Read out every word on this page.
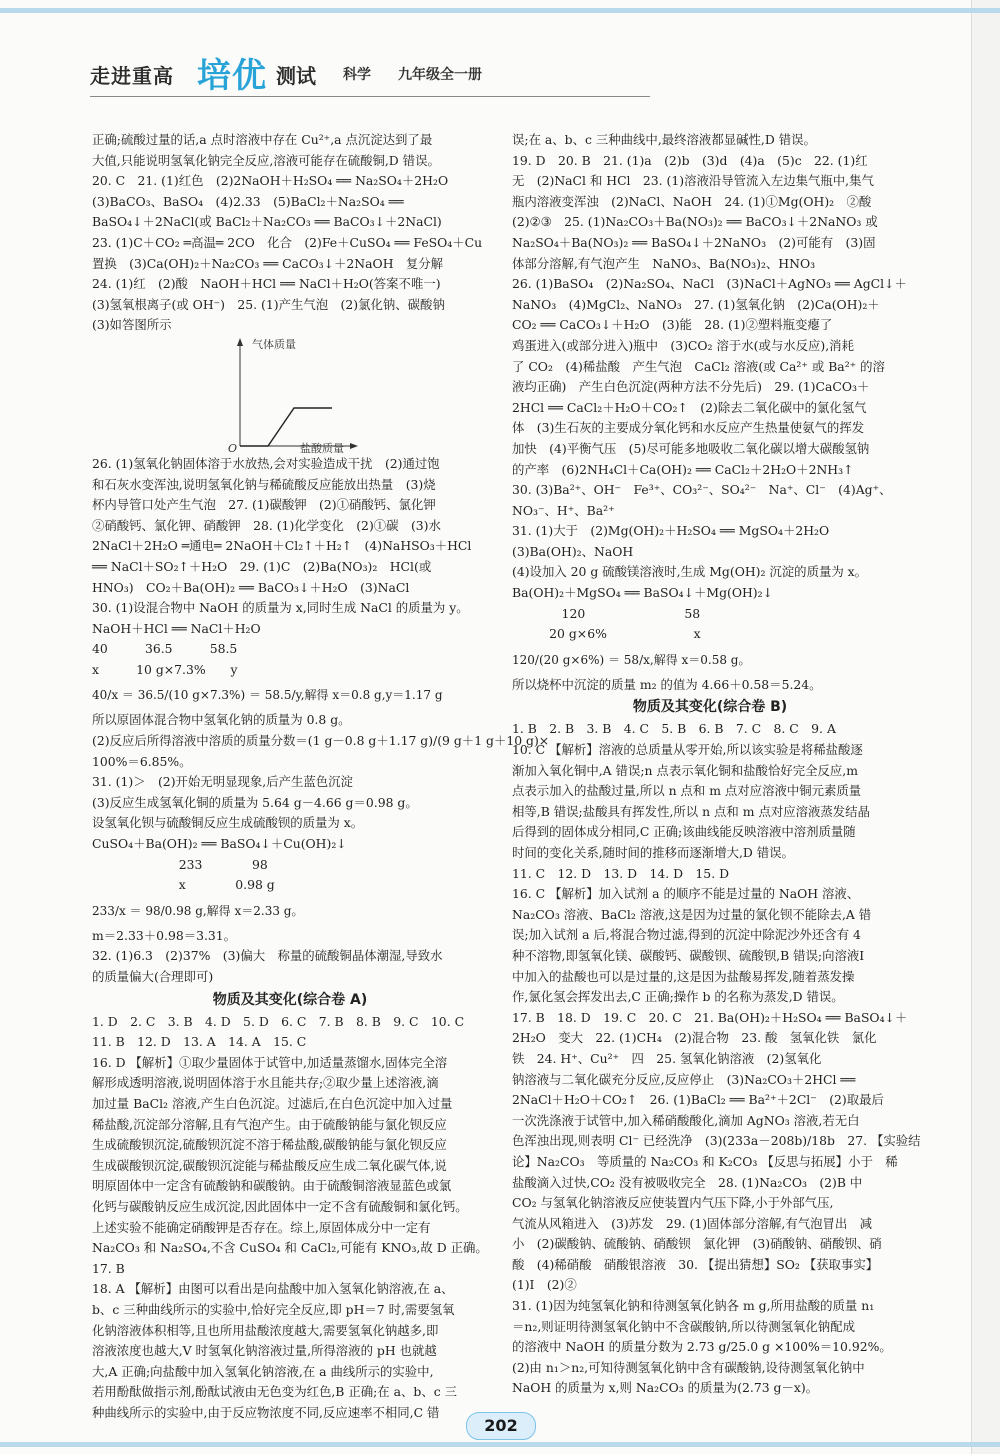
走进重高 培优 测试 科学 九年级全一册
正确;硫酸过量的话,a 点时溶液中存在 Cu²⁺,a 点沉淀达到了最
大值,只能说明氢氧化钠完全反应,溶液可能存在硫酸铜,D 错误。
20. C　21. (1)红色　(2)2NaOH＋H₂SO₄ ══ Na₂SO₄＋2H₂O
(3)BaCO₃、BaSO₄　(4)2.33　(5)BaCl₂＋Na₂SO₄ ══
BaSO₄↓＋2NaCl(或 BaCl₂＋Na₂CO₃ ══ BaCO₃↓＋2NaCl)
23. (1)C＋CO₂ ═高温═ 2CO　化合　(2)Fe＋CuSO₄ ══ FeSO₄＋Cu
置换　(3)Ca(OH)₂＋Na₂CO₃ ══ CaCO₃↓＋2NaOH　复分解
24. (1)红　(2)酸　NaOH＋HCl ══ NaCl＋H₂O(答案不唯一)
(3)氢氧根离子(或 OH⁻)　25. (1)产生气泡　(2)氯化钠、碳酸钠
(3)如答图所示
气体质量
O	盐酸质量
26. (1)氢氧化钠固体溶于水放热,会对实验造成干扰　(2)通过饱
和石灰水变浑浊,说明氢氧化钠与稀硫酸反应能放出热量　(3)烧
杯内导管口处产生气泡　27. (1)碳酸钾　(2)①硝酸钙、氯化钾
②硝酸钙、氯化钾、硝酸钾　28. (1)化学变化　(2)①碳　(3)水
2NaCl＋2H₂O ═通电═ 2NaOH＋Cl₂↑＋H₂↑　(4)NaHSO₃＋HCl
══ NaCl＋SO₂↑＋H₂O　29. (1)C　(2)Ba(NO₃)₂　HCl(或
HNO₃)　CO₂＋Ba(OH)₂ ══ BaCO₃↓＋H₂O　(3)NaCl
30. (1)设混合物中 NaOH 的质量为 x,同时生成 NaCl 的质量为 y。
NaOH＋HCl ══ NaCl＋H₂O
40　　　36.5　　　58.5
x　　　10 g×7.3%　　y
40/x ＝ 36.5/(10 g×7.3%) ＝ 58.5/y,解得 x＝0.8 g,y＝1.17 g
所以原固体混合物中氢氧化钠的质量为 0.8 g。
(2)反应后所得溶液中溶质的质量分数＝(1 g－0.8 g＋1.17 g)/(9 g＋1 g＋10 g)×
100%＝6.85%。
31. (1)＞　(2)开始无明显现象,后产生蓝色沉淀
(3)反应生成氢氧化铜的质量为 5.64 g－4.66 g＝0.98 g。
设氢氧化钡与硫酸铜反应生成硫酸钡的质量为 x。
CuSO₄＋Ba(OH)₂ ══ BaSO₄↓＋Cu(OH)₂↓
　　　　　　　233　　　　98
　　　　　　　x　　　　0.98 g
233/x ＝ 98/0.98 g,解得 x＝2.33 g。
m＝2.33＋0.98＝3.31。
32. (1)6.3　(2)37%　(3)偏大　称量的硫酸铜晶体潮湿,导致水
的质量偏大(合理即可)
物质及其变化(综合卷 A)
1. D　2. C　3. B　4. D　5. D　6. C　7. B　8. B　9. C　10. C
11. B　12. D　13. A　14. A　15. C
16. D 【解析】①取少量固体于试管中,加适量蒸馏水,固体完全溶
解形成透明溶液,说明固体溶于水且能共存;②取少量上述溶液,滴
加过量 BaCl₂ 溶液,产生白色沉淀。过滤后,在白色沉淀中加入过量
稀盐酸,沉淀部分溶解,且有气泡产生。由于硫酸钠能与氯化钡反应
生成硫酸钡沉淀,硫酸钡沉淀不溶于稀盐酸,碳酸钠能与氯化钡反应
生成碳酸钡沉淀,碳酸钡沉淀能与稀盐酸反应生成二氧化碳气体,说
明原固体中一定含有硫酸钠和碳酸钠。由于硫酸铜溶液显蓝色或氯
化钙与碳酸钠反应生成沉淀,因此固体中一定不含有硫酸铜和氯化钙。
上述实验不能确定硝酸钾是否存在。综上,原固体成分中一定有
Na₂CO₃ 和 Na₂SO₄,不含 CuSO₄ 和 CaCl₂,可能有 KNO₃,故 D 正确。
17. B
18. A 【解析】由图可以看出是向盐酸中加入氢氧化钠溶液,在 a、
b、c 三种曲线所示的实验中,恰好完全反应,即 pH＝7 时,需要氢氧
化钠溶液体积相等,且也所用盐酸浓度越大,需要氢氧化钠越多,即
溶液浓度也越大,V 时氢氧化钠溶液过量,所得溶液的 pH 也就越
大,A 正确;向盐酸中加入氢氧化钠溶液,在 a 曲线所示的实验中,
若用酚酞做指示剂,酚酞试液由无色变为红色,B 正确;在 a、b、c 三
种曲线所示的实验中,由于反应物浓度不同,反应速率不相同,C 错
误;在 a、b、c 三种曲线中,最终溶液都显碱性,D 错误。
19. D　20. B　21. (1)a　(2)b　(3)d　(4)a　(5)c　22. (1)红
无　(2)NaCl 和 HCl　23. (1)溶液沿导管流入左边集气瓶中,集气
瓶内溶液变浑浊　(2)NaCl、NaOH　24. (1)①Mg(OH)₂　②酸
(2)②③　25. (1)Na₂CO₃＋Ba(NO₃)₂ ══ BaCO₃↓＋2NaNO₃ 或
Na₂SO₄＋Ba(NO₃)₂ ══ BaSO₄↓＋2NaNO₃　(2)可能有　(3)固
体部分溶解,有气泡产生　NaNO₃、Ba(NO₃)₂、HNO₃
26. (1)BaSO₄　(2)Na₂SO₄、NaCl　(3)NaCl＋AgNO₃ ══ AgCl↓＋
NaNO₃　(4)MgCl₂、NaNO₃　27. (1)氢氧化钠　(2)Ca(OH)₂＋
CO₂ ══ CaCO₃↓＋H₂O　(3)能　28. (1)②塑料瓶变瘪了
鸡蛋进入(或部分进入)瓶中　(3)CO₂ 溶于水(或与水反应),消耗
了 CO₂　(4)稀盐酸　产生气泡　CaCl₂ 溶液(或 Ca²⁺ 或 Ba²⁺ 的溶
液均正确)　产生白色沉淀(两种方法不分先后)　29. (1)CaCO₃＋
2HCl ══ CaCl₂＋H₂O＋CO₂↑　(2)除去二氧化碳中的氯化氢气
体　(3)生石灰的主要成分氧化钙和水反应产生热量使氨气的挥发
加快　(4)平衡气压　(5)尽可能多地吸收二氧化碳以增大碳酸氢钠
的产率　(6)2NH₄Cl＋Ca(OH)₂ ══ CaCl₂＋2H₂O＋2NH₃↑
30. (3)Ba²⁺、OH⁻　Fe³⁺、CO₃²⁻、SO₄²⁻　Na⁺、Cl⁻　(4)Ag⁺、
NO₃⁻、H⁺、Ba²⁺
31. (1)大于　(2)Mg(OH)₂＋H₂SO₄ ══ MgSO₄＋2H₂O
(3)Ba(OH)₂、NaOH
(4)设加入 20 g 硫酸镁溶液时,生成 Mg(OH)₂ 沉淀的质量为 x。
Ba(OH)₂＋MgSO₄ ══ BaSO₄↓＋Mg(OH)₂↓
　　　　120　　　　　　　　58
　　　20 g×6%　　　　　　　x
120/(20 g×6%) ＝ 58/x,解得 x＝0.58 g。
所以烧杯中沉淀的质量 m₂ 的值为 4.66＋0.58＝5.24。
物质及其变化(综合卷 B)
1. B　2. B　3. B　4. C　5. B　6. B　7. C　8. C　9. A
10. C 【解析】溶液的总质量从零开始,所以该实验是将稀盐酸逐
渐加入氧化铜中,A 错误;n 点表示氧化铜和盐酸恰好完全反应,m
点表示加入的盐酸过量,所以 n 点和 m 点对应溶液中铜元素质量
相等,B 错误;盐酸具有挥发性,所以 n 点和 m 点对应溶液蒸发结晶
后得到的固体成分相同,C 正确;该曲线能反映溶液中溶剂质量随
时间的变化关系,随时间的推移而逐渐增大,D 错误。
11. C　12. D　13. D　14. D　15. D
16. C 【解析】加入试剂 a 的顺序不能是过量的 NaOH 溶液、
Na₂CO₃ 溶液、BaCl₂ 溶液,这是因为过量的氯化钡不能除去,A 错
误;加入试剂 a 后,将混合物过滤,得到的沉淀中除泥沙外还含有 4
种不溶物,即氢氧化镁、碳酸钙、碳酸钡、硫酸钡,B 错误;向溶液Ⅰ
中加入的盐酸也可以是过量的,这是因为盐酸易挥发,随着蒸发操
作,氯化氢会挥发出去,C 正确;操作 b 的名称为蒸发,D 错误。
17. B　18. D　19. C　20. C　21. Ba(OH)₂＋H₂SO₄ ══ BaSO₄↓＋
2H₂O　变大　22. (1)CH₄　(2)混合物　23. 酸　氢氧化铁　氯化
铁　24. H⁺、Cu²⁺　四　25. 氢氧化钠溶液　(2)氢氧化
钠溶液与二氧化碳充分反应,反应停止　(3)Na₂CO₃＋2HCl ══
2NaCl＋H₂O＋CO₂↑　26. (1)BaCl₂ ══ Ba²⁺＋2Cl⁻　(2)取最后
一次洗涤液于试管中,加入稀硝酸酸化,滴加 AgNO₃ 溶液,若无白
色浑浊出现,则表明 Cl⁻ 已经洗净　(3)(233a－208b)/18b　27. 【实验结
论】Na₂CO₃　等质量的 Na₂CO₃ 和 K₂CO₃ 【反思与拓展】小于　稀
盐酸滴入过快,CO₂ 没有被吸收完全　28. (1)Na₂CO₃　(2)B 中
CO₂ 与氢氧化钠溶液反应使装置内气压下降,小于外部气压,
气流从风箱进入　(3)苏发　29. (1)固体部分溶解,有气泡冒出　减
小　(2)碳酸钠、硫酸钠、硝酸钡　氯化钾　(3)硝酸钠、硝酸钡、硝
酸　(4)稀硝酸　硝酸银溶液　30. 【提出猜想】SO₂ 【获取事实】
(1)Ⅰ　(2)②
31. (1)因为纯氢氧化钠和待测氢氧化钠各 m g,所用盐酸的质量 n₁
＝n₂,则证明待测氢氧化钠中不含碳酸钠,所以待测氢氧化钠配成
的溶液中 NaOH 的质量分数为 2.73 g/25.0 g ×100%＝10.92%。
(2)由 n₁＞n₂,可知待测氢氧化钠中含有碳酸钠,设待测氢氧化钠中
NaOH 的质量为 x,则 Na₂CO₃ 的质量为(2.73 g－x)。
202
